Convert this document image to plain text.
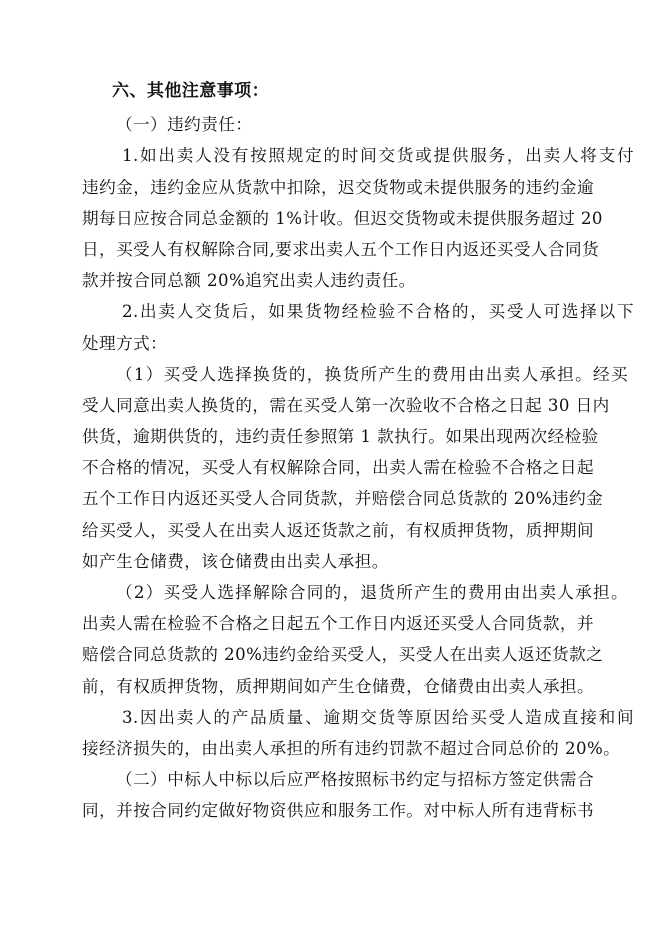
六、其他注意事项：
（一）违约责任：
1.如出卖人没有按照规定的时间交货或提供服务，出卖人将支付
违约金，违约金应从货款中扣除，迟交货物或未提供服务的违约金逾
期每日应按合同总金额的 1%计收。但迟交货物或未提供服务超过 20
日，买受人有权解除合同,要求出卖人五个工作日内返还买受人合同货
款并按合同总额 20%追究出卖人违约责任。
2.出卖人交货后，如果货物经检验不合格的，买受人可选择以下
处理方式：
（1）买受人选择换货的，换货所产生的费用由出卖人承担。经买
受人同意出卖人换货的，需在买受人第一次验收不合格之日起 30 日内
供货，逾期供货的，违约责任参照第 1 款执行。如果出现两次经检验
不合格的情况，买受人有权解除合同，出卖人需在检验不合格之日起
五个工作日内返还买受人合同货款，并赔偿合同总货款的 20%违约金
给买受人，买受人在出卖人返还货款之前，有权质押货物，质押期间
如产生仓储费，该仓储费由出卖人承担。
（2）买受人选择解除合同的，退货所产生的费用由出卖人承担。
出卖人需在检验不合格之日起五个工作日内返还买受人合同货款，并
赔偿合同总货款的 20%违约金给买受人，买受人在出卖人返还货款之
前，有权质押货物，质押期间如产生仓储费，仓储费由出卖人承担。
3.因出卖人的产品质量、逾期交货等原因给买受人造成直接和间
接经济损失的，由出卖人承担的所有违约罚款不超过合同总价的 20%。
（二）中标人中标以后应严格按照标书约定与招标方签定供需合
同，并按合同约定做好物资供应和服务工作。对中标人所有违背标书
